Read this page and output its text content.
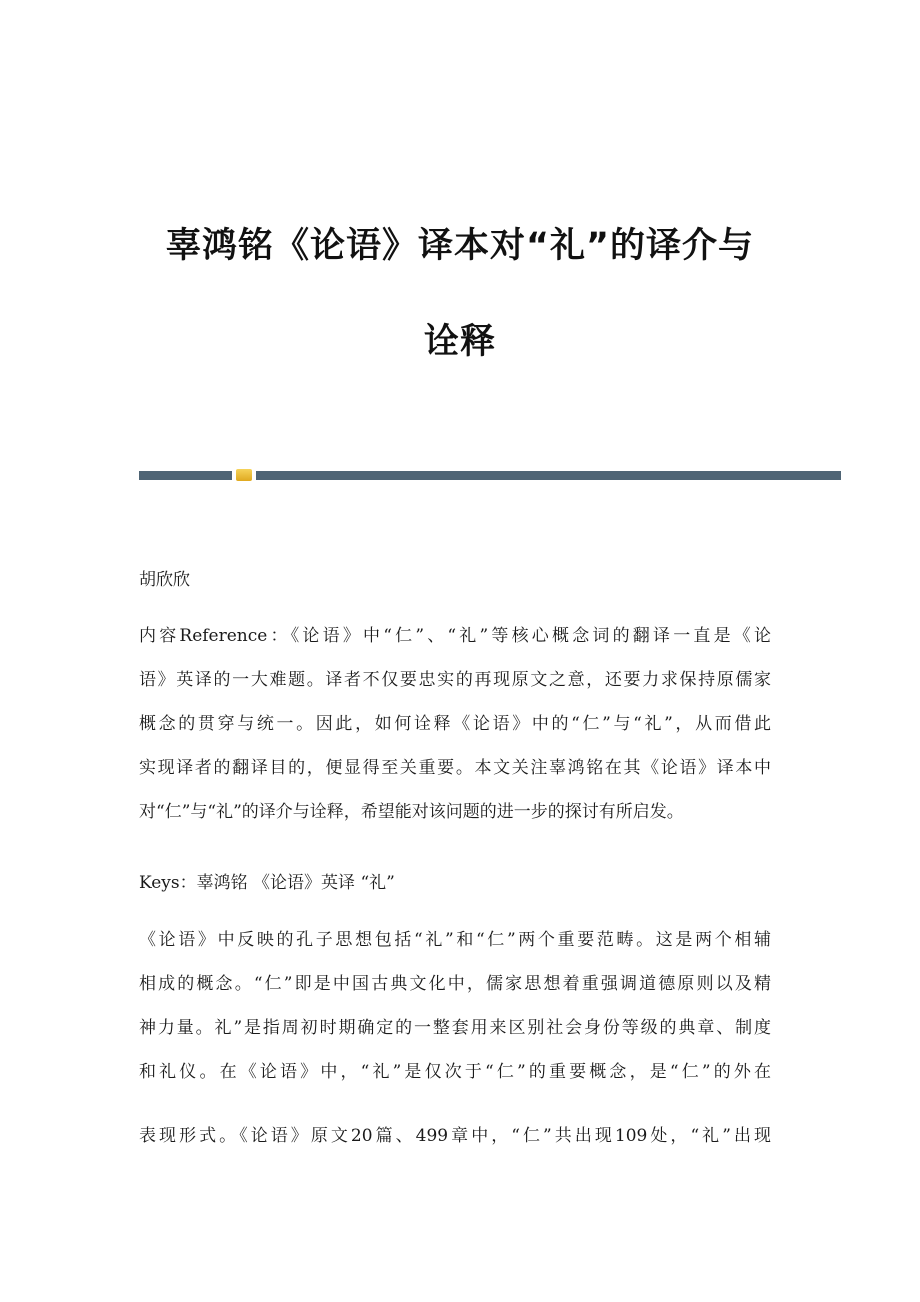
辜鸿铭《论语》译本对“礼”的译介与
诠释
胡欣欣
内容Reference：《论语》中“仁”、“礼”等核心概念词的翻译一直是《论
语》英译的一大难题。译者不仅要忠实的再现原文之意，还要力求保持原儒家
概念的贯穿与统一。因此，如何诠释《论语》中的“仁”与“礼”，从而借此
实现译者的翻译目的，便显得至关重要。本文关注辜鸿铭在其《论语》译本中
对“仁”与“礼”的译介与诠释，希望能对该问题的进一步的探讨有所启发。
Keys：辜鸿铭 《论语》英译 “礼”
《论语》中反映的孔子思想包括“礼”和“仁”两个重要范畴。这是两个相辅
相成的概念。“仁”即是中国古典文化中，儒家思想着重强调道德原则以及精
神力量。礼”是指周初时期确定的一整套用来区别社会身份等级的典章、制度
和礼仪。在《论语》中，“礼”是仅次于“仁”的重要概念，是“仁”的外在
表现形式。《论语》原文20篇、499章中，“仁”共出现109处，“礼”出现
